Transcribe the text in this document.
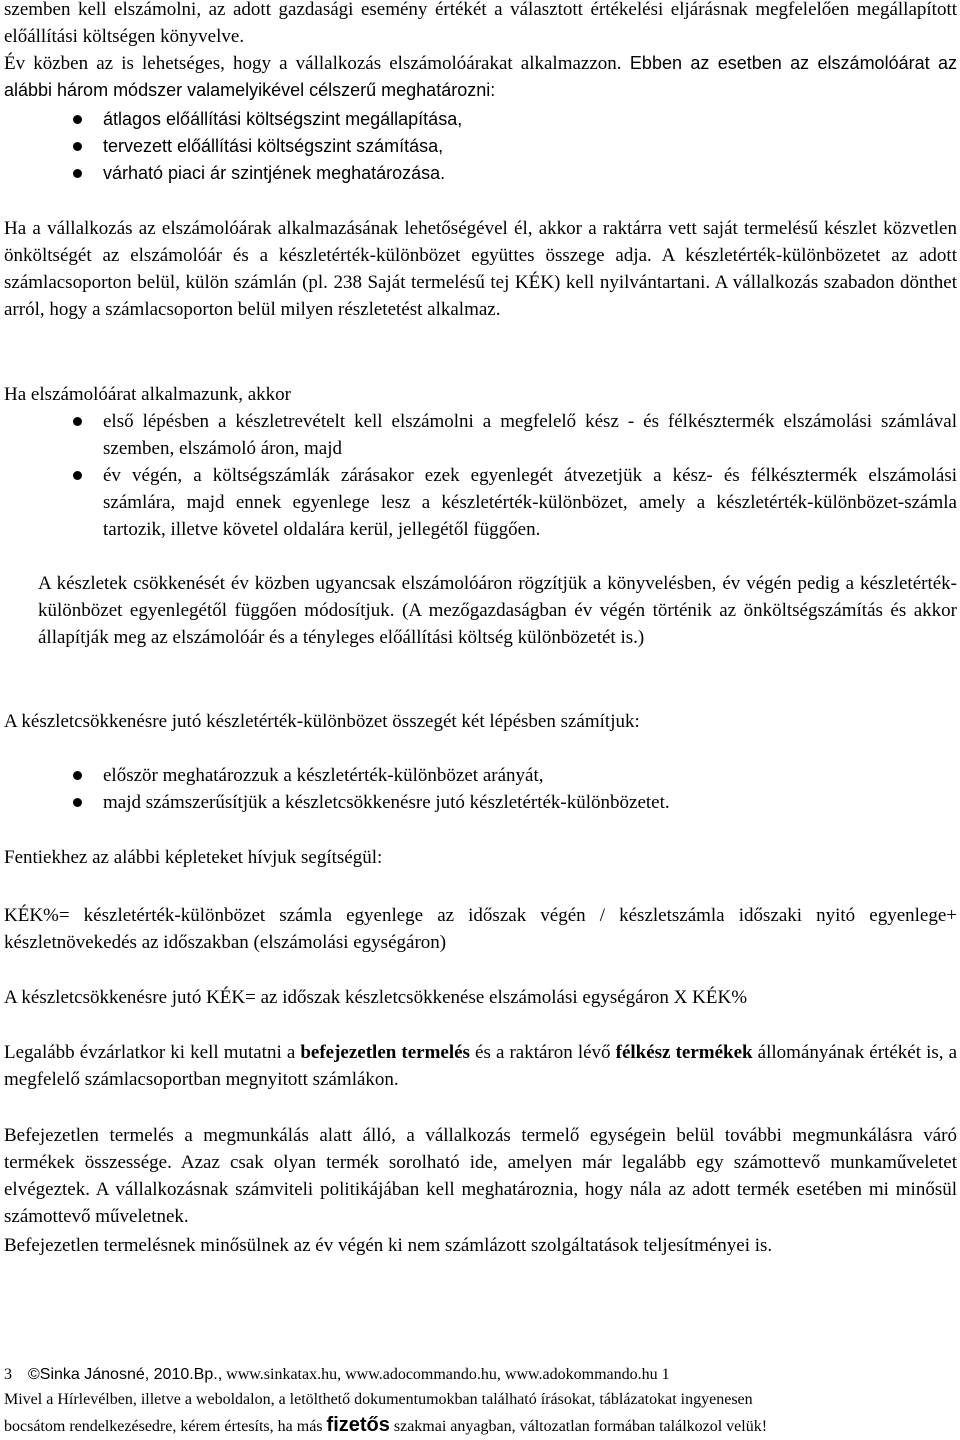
szemben kell elszámolni, az adott gazdasági esemény értékét a választott értékelési eljárásnak megfelelően megállapított előállítási költségen könyvelve.

Év közben az is lehetséges, hogy a vállalkozás elszámolóárakat alkalmazzon. Ebben az esetben az elszámolóárat az alábbi három módszer valamelyikével célszerű meghatározni:

átlagos előállítási költségszint megállapítása,
tervezett előállítási költségszint számítása,
várható piaci ár szintjének meghatározása.

Ha a vállalkozás az elszámolóárak alkalmazásának lehetőségével él, akkor a raktárra vett saját termelésű készlet közvetlen önköltségét az elszámolóár és a készletérték-különbözet együttes összege adja. A készletérték-különbözetet az adott számlacsoporton belül, külön számlán (pl. 238 Saját termelésű tej KÉK) kell nyilvántartani. A vállalkozás szabadon dönthet arról, hogy a számlacsoporton belül milyen részletetést alkalmaz.

Ha elszámolóárat alkalmazunk, akkor

első lépésben a készletrevételt kell elszámolni a megfelelő kész - és félkésztermék elszámolási számlával szemben, elszámoló áron, majd
év végén, a költségszámlák zárásakor ezek egyenlegét átvezetjük a kész- és félkésztermék elszámolási számlára, majd ennek egyenlege lesz a készletérték-különbözet, amely a készletérték-különbözet-számla tartozik, illetve követel oldalára kerül, jellegétől függően.

A készletek csökkenését év közben ugyancsak elszámolóáron rögzítjük a könyvelésben, év végén pedig a készletérték-különbözet egyenlegétől függően módosítjuk. (A mezőgazdaságban év végén történik az önköltségszámítás és akkor állapítják meg az elszámolóár és a tényleges előállítási költség különbözetét is.)

A készletcsökkenésre jutó készletérték-különbözet összegét két lépésben számítjuk:

először meghatározzuk a készletérték-különbözet arányát,
majd számszerűsítjük a készletcsökkenésre jutó készletérték-különbözetet.

Fentiekhez az alábbi képleteket hívjuk segítségül:

KÉK%= készletérték-különbözet számla egyenlege az időszak végén / készletszámla időszaki nyitó egyenlege+ készletnövekedés az időszakban (elszámolási egységáron)

A készletcsökkenésre jutó KÉK= az időszak készletcsökkenése elszámolási egységáron X KÉK%

Legalább évzárlatkor ki kell mutatni a befejezetlen termelés és a raktáron lévő félkész termékek állományának értékét is, a megfelelő számlacsoportban megnyitott számlákon.

Befejezetlen termelés a megmunkálás alatt álló, a vállalkozás termelő egységein belül további megmunkálásra váró termékek összessége. Azaz csak olyan termék sorolható ide, amelyen már legalább egy számottevő munkaműveletet elvégeztek. A vállalkozásnak számviteli politikájában kell meghatároznia, hogy nála az adott termék esetében mi minősül számottevő műveletnek.

Befejezetlen termelésnek minősülnek az év végén ki nem számlázott szolgáltatások teljesítményei is.

3 ©Sinka Jánosné, 2010.Bp., www.sinkatax.hu, www.adocommando.hu, www.adokommando.hu 1
Mivel a Hírlevélben, illetve a weboldalon, a letölthető dokumentumokban található írásokat, táblázatokat ingyenesen
bocsátom rendelkezésedre, kérem értesíts, ha más fizetős szakmai anyagban, változatlan formában találkozol velük!
